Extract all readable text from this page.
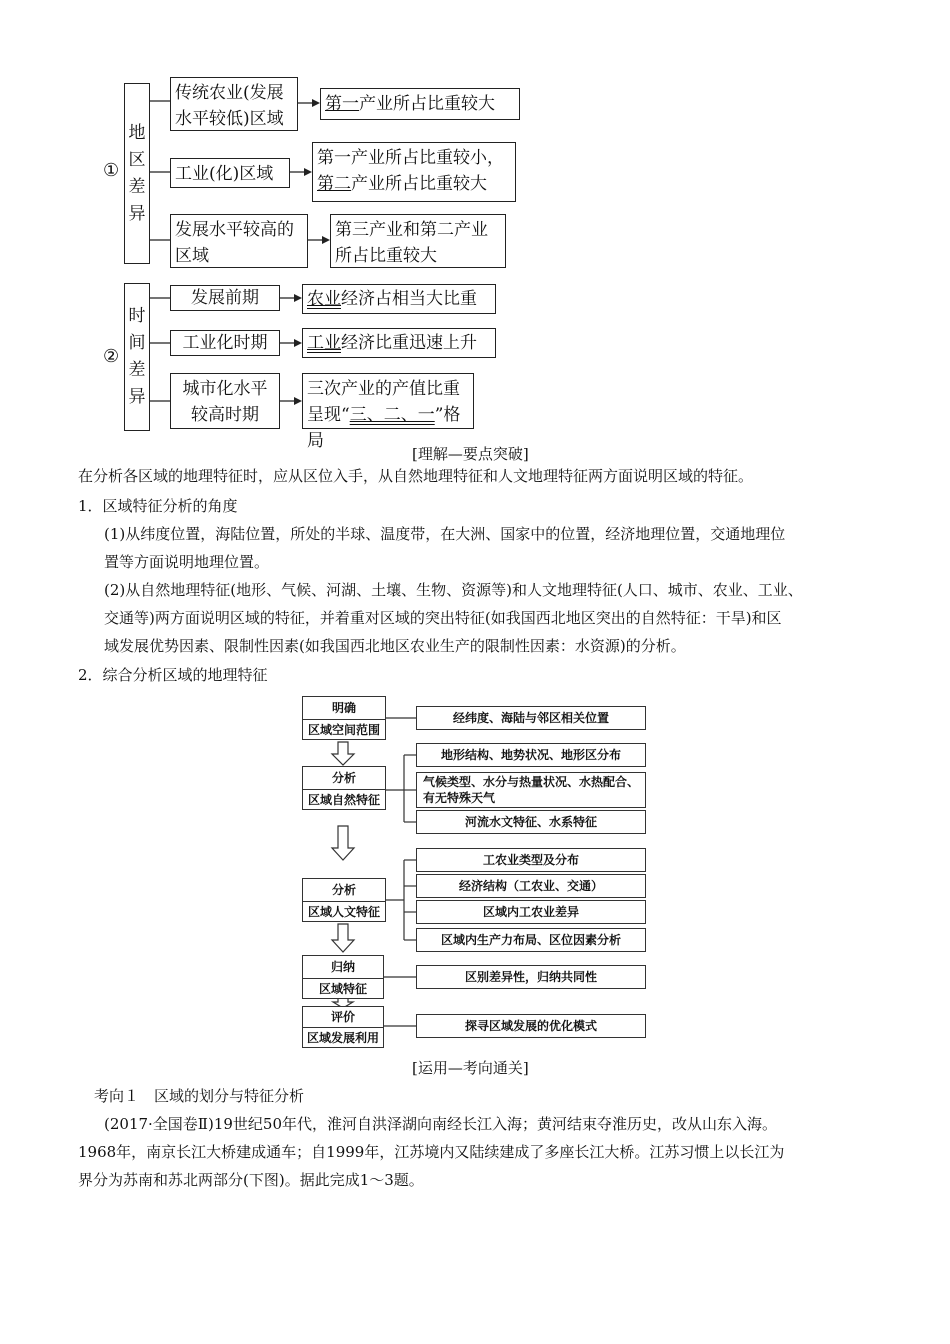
①
地
区
差
异
传统农业(发展
水平较低)区域
第一产业所占比重较大
工业(化)区域
第一产业所占比重较小，
第二产业所占比重较大
发展水平较高的
区域
第三产业和第二产业
所占比重较大
②
时
间
差
异
发展前期	农业经济占相当大比重
工业化时期	工业经济比重迅速上升
城市化水平
较高时期
三次产业的产值比重
呈现“三、二、一”格局
[理解—要点突破]
在分析各区域的地理特征时，应从区位入手，从自然地理特征和人文地理特征两方面说明区域的特征。
1．区域特征分析的角度
(1)从纬度位置，海陆位置，所处的半球、温度带，在大洲、国家中的位置，经济地理位置，交通地理位
置等方面说明地理位置。
(2)从自然地理特征(地形、气候、河湖、土壤、生物、资源等)和人文地理特征(人口、城市、农业、工业、
交通等)两方面说明区域的特征，并着重对区域的突出特征(如我国西北地区突出的自然特征：干旱)和区
域发展优势因素、限制性因素(如我国西北地区农业生产的限制性因素：水资源)的分析。
2．综合分析区域的地理特征
明确
区域空间范围
分析
区域自然特征
分析
区域人文特征
归纳
区域特征
评价
区域发展利用
经纬度、海陆与邻区相关位置
地形结构、地势状况、地形区分布
气候类型、水分与热量状况、水热配合、
有无特殊天气
河流水文特征、水系特征
工农业类型及分布
经济结构（工农业、交通）
区域内工农业差异
区域内生产力布局、区位因素分析
区别差异性，归纳共同性
探寻区域发展的优化模式
[运用—考向通关]
考向１　区域的划分与特征分析
(2017·全国卷Ⅱ)19世纪50年代，淮河自洪泽湖向南经长江入海；黄河结束夺淮历史，改从山东入海。
1968年，南京长江大桥建成通车；自1999年，江苏境内又陆续建成了多座长江大桥。江苏习惯上以长江为
界分为苏南和苏北两部分(下图)。据此完成1～3题。
